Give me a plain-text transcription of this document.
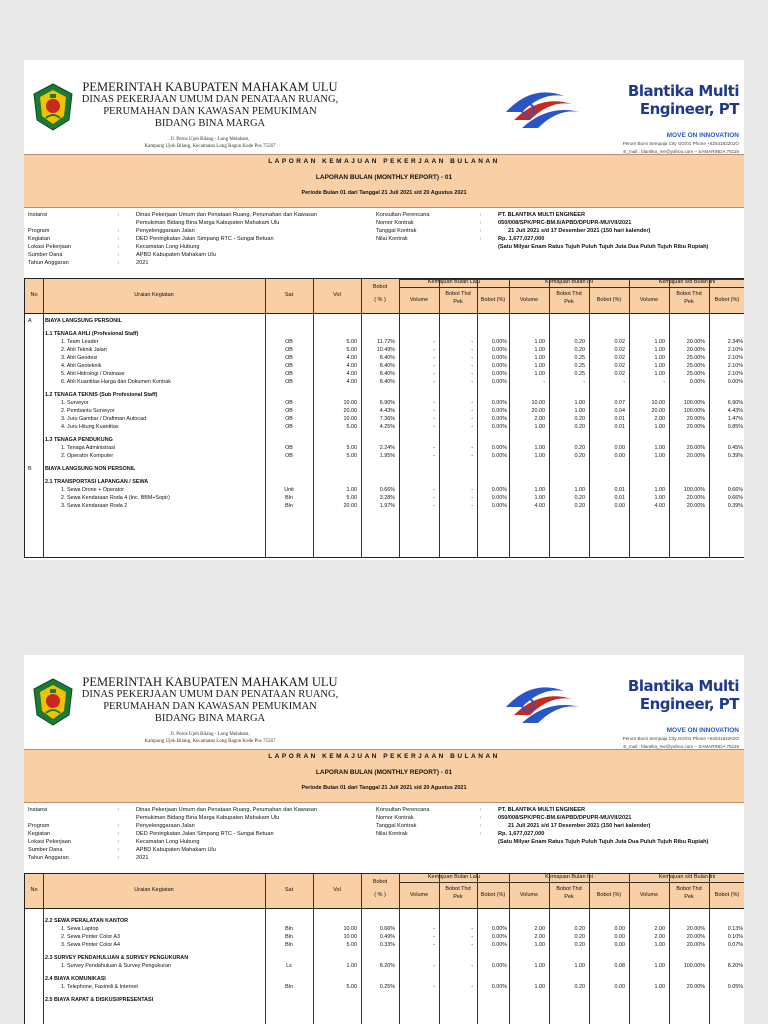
PEMERINTAH KABUPATEN MAHAKAM ULU
DINAS PEKERJAAN UMUM DAN PENATAAN RUANG,
PERUMAHAN DAN KAWASAN PEMUKIMAN
BIDANG BINA MARGA
Jl. Poros Ujoh Bilang - Long Melaham,
Kampung Ujoh Bilang, Kecamatan Long Bagun Kode Pos 75567
Blantika Multi Engineer, PT
MOVE ON INNOVATION
Perum Bumi Sempaja City GG/01 Phone +6254182202O
E_mail : blantika_me@yahoo.com – SAMARINDA 75119
LAPORAN KEMAJUAN PEKERJAAN BULANAN
LAPORAN BULAN (MONTHLY REPORT) - 01
Periode Bulan 01 dari Tanggal 21 Juli 2021 s/d 20 Agustus 2021
Instansi	:	Dinas Pekerjaan Umum dan Penataan Ruang, Perumahan dan Kawasan
Pemukiman Bidang Bina Marga Kabupaten Mahakam Ulu
Program	:	Penyelenggaraan Jalan
Kegiatan	:	DED Peningkatan Jalan Simpang RTC - Sungai Betuan
Lokasi Pekerjaan	:	Kecamatan Long Hubung
Sumber Dana	:	APBD Kabupaten Mahakam Ulu
Tahun Anggaran	:	2021
Konsultan Perencana	:	PT. BLANTIKA MULTI ENGINEER
Nomor Kontrak	:	050/008/SPK/PRC-BM.6/APBD/DPUPR-MU/VII/2021
Tanggal Kontrak	:	21 Juli 2021 s/d 17 Desember 2021 (150 hari kalender)
Nilai Kontrak	:	Rp. 1,677,027,000
(Satu Milyar Enam Ratus Tujuh Puluh Tujuh Juta Dua Puluh Tujuh Ribu Rupiah)
No	Uraian Kegiatan	Sat	Vol
Bobot
( % )
Kemajuan Bulan Lalu	Kemajuan Bulan Ini	Kemajuan s/d Bulan Ini
Volume
Bobot Thd
Pek	Bobot (%)	Volume
Bobot Thd
Pek	Bobot (%)	Volume
Bobot Thd
Pek	Bobot (%)
A BIAYA LANGSUNG PERSONIL
1.1 TENAGA AHLI (Profesional Staff)
1. Team Leader	OB	5.00	11.72%	-	-	0.00%	1.00	0.20	0.02	1.00	20.00%	2.34%
2. Ahli Teknik Jalan	OB	5.00	10.49%	-	-	0.00%	1.00	0.20	0.02	1.00	20.00%	2.10%
3. Ahli Geodesi	OB	4.00	8.40%	-	-	0.00%	1.00	0.25	0.02	1.00	25.00%	2.10%
4. Ahli Geoteknik	OB	4.00	8.40%	-	-	0.00%	1.00	0.25	0.02	1.00	25.00%	2.10%
5. Ahli Hidrologi / Drainase	OB	4.00	8.40%	-	-	0.00%	1.00	0.25	0.02	1.00	25.00%	2.10%
6. Ahli Kuantitas Harga dan Dokumen Kontrak	OB	4.00	8.40%	-	-	0.00%	-	-	-	-	0.00%	0.00%
1.2 TENAGA TEKNIS (Sub Profesional Staff)
1. Surveyor	OB	10.00	6.90%	-	-	0.00%	10.00	1.00	0.07	10.00	100.00%	6.90%
2. Pembantu Surveyor	OB	20.00	4.43%	-	-	0.00%	20.00	1.00	0.04	20.00	100.00%	4.43%
3. Juru Gambar / Draftman Autocad	OB	10.00	7.36%	-	-	0.00%	2.00	0.20	0.01	2.00	20.00%	1.47%
4. Juru Hitung Kuantitas	OB	5.00	4.25%	-	-	0.00%	1.00	0.20	0.01	1.00	20.00%	0.85%
1.3 TENAGA PENDUKUNG
1. Tenaga Administrasi	OB	5.00	2.24%	-	-	0.00%	1.00	0.20	0.00	1.00	20.00%	0.45%
2. Operator Komputer	OB	5.00	1.95%	-	-	0.00%	1.00	0.20	0.00	1.00	20.00%	0.39%
B BIAYA LANGSUNG NON PERSONIL
2.1 TRANSPORTASI LAPANGAN / SEWA
1. Sewa Drone + Operator	Unit	1.00	0.66%	-	-	0.00%	1.00	1.00	0.01	1.00	100.00%	0.66%
2. Sewa Kendaraan Roda 4 (Inc. BBM+Sopir)	Bln	5.00	3.28%	-	-	0.00%	1.00	0.20	0.01	1.00	20.00%	0.66%
3. Sewa Kendaraan Roda 2	Bln	20.00	1.97%	-	-	0.00%	4.00	0.20	0.00	4.00	20.00%	0.39%
PEMERINTAH KABUPATEN MAHAKAM ULU
DINAS PEKERJAAN UMUM DAN PENATAAN RUANG,
PERUMAHAN DAN KAWASAN PEMUKIMAN
BIDANG BINA MARGA
Jl. Poros Ujoh Bilang - Long Melaham,
Kampung Ujoh Bilang, Kecamatan Long Bagun Kode Pos 75567
Blantika Multi Engineer, PT
MOVE ON INNOVATION
Perum Bumi Sempaja City GG/01 Phone +6254182202O
E_mail : blantika_me@yahoo.com – SAMARINDA 75119
LAPORAN KEMAJUAN PEKERJAAN BULANAN
LAPORAN BULAN (MONTHLY REPORT) - 01
Periode Bulan 01 dari Tanggal 21 Juli 2021 s/d 20 Agustus 2021
Instansi	:	Dinas Pekerjaan Umum dan Penataan Ruang, Perumahan dan Kawasan
Pemukiman Bidang Bina Marga Kabupaten Mahakam Ulu
Program	:	Penyelenggaraan Jalan
Kegiatan	:	DED Peningkatan Jalan Simpang RTC - Sungai Betuan
Lokasi Pekerjaan	:	Kecamatan Long Hubung
Sumber Dana	:	APBD Kabupaten Mahakam Ulu
Tahun Anggaran	:	2021
Konsultan Perencana	:	PT. BLANTIKA MULTI ENGINEER
Nomor Kontrak	:	050/008/SPK/PRC-BM.6/APBD/DPUPR-MU/VII/2021
Tanggal Kontrak	:	21 Juli 2021 s/d 17 Desember 2021 (150 hari kalender)
Nilai Kontrak	:	Rp. 1,677,027,000
(Satu Milyar Enam Ratus Tujuh Puluh Tujuh Juta Dua Puluh Tujuh Ribu Rupiah)
No	Uraian Kegiatan	Sat	Vol
Bobot
( % )
Kemajuan Bulan Lalu	Kemajuan Bulan Ini	Kemajuan s/d Bulan Ini
Volume
Bobot Thd
Pek	Bobot (%)	Volume
Bobot Thd
Pek	Bobot (%)	Volume
Bobot Thd
Pek	Bobot (%)
2.2 SEWA PERALATAN KANTOR
1. Sewa Laptop	Bln	10.00	0.66%	-	-	0.00%	2.00	0.20	0.00	2.00	20.00%	0.13%
2. Sewa Printer Color A3	Bln	10.00	0.49%	-	-	0.00%	2.00	0.20	0.00	2.00	20.00%	0.10%
3. Sewa Printer Color A4	Bln	5.00	0.33%	-	-	0.00%	1.00	0.20	0.00	1.00	20.00%	0.07%
2.3 SURVEY PENDAHULUAN & SURVEY PENGUKURAN
1. Survey Pendahuluan & Survey Pengukuran	Ls	1.00	8.20%	-	-	0.00%	1.00	1.00	0.08	1.00	100.00%	8.20%
2.4 BIAYA KOMUNIKASI
1. Telephone, Faximili & Internet	Bln	5.00	0.25%	-	-	0.00%	1.00	0.20	0.00	1.00	20.00%	0.05%
2.5 BIAYA RAPAT & DISKUSI/PRESENTASI
